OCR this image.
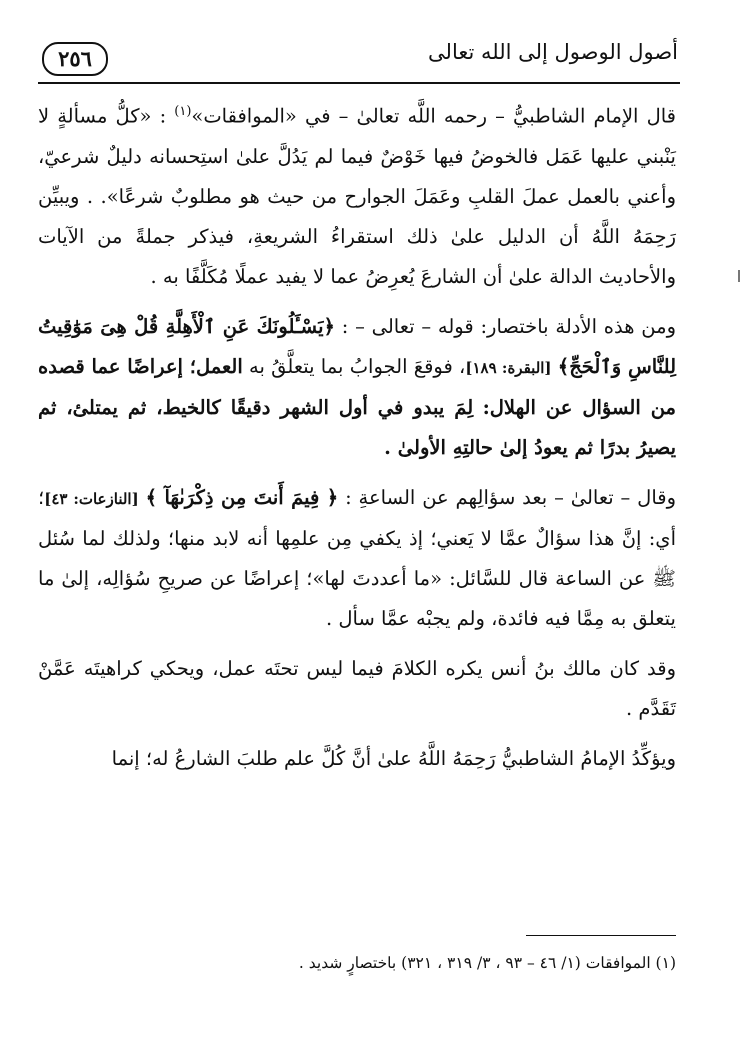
أصول الوصول إلى الله تعالى
٢٥٦

قال الإمام الشاطبيُّ – رحمه اللَّه تعالىٰ – في «الموافقات»$^{(١)}$ : «كلُّ مسألةٍ لا يَنْبني عليها عَمَل فالخوضُ فيها خَوْضٌ فيما لم يَدُلَّ علىٰ استِحسانه دليلٌ شرعيّ، وأعني بالعمل عملَ القلبِ وعَمَلَ الجوارح من حيث هو مطلوبٌ شرعًا». . ويبيِّن رَحِمَهُ اللَّهُ أن الدليل علىٰ ذلك استقراءُ الشريعةِ، فيذكر جملةً من الآيات والأحاديث الدالة علىٰ أن الشارعَ يُعرِضُ عما لا يفيد عملًا مُكَلَّفًا به .

ومن هذه الأدلة باختصار: قوله – تعالى – : ﴿يَسْـَٔلُونَكَ عَنِ ٱلْأَهِلَّةِ قُلْ هِىَ مَوَٰقِيتُ لِلنَّاسِ وَٱلْحَجِّ﴾ [البقرة: ١٨٩]، فوقعَ الجوابُ بما يتعلَّقُ به العمل؛ إعراضًا عما قصده من السؤال عن الهلال: لِمَ يبدو في أول الشهر دقيقًا كالخيط، ثم يمتلئ، ثم يصيرُ بدرًا ثم يعودُ إلىٰ حالتِهِ الأولىٰ .

وقال – تعالىٰ – بعد سؤالِهم عن الساعةِ : ﴿ فِيمَ أَنتَ مِن ذِكْرَىٰهَآ ﴾ [النازعات: ٤٣]؛ أي: إنَّ هذا سؤالٌ عمَّا لا يَعني؛ إذ يكفي مِن علمِها أنه لابد منها؛ ولذلك لما سُئل ﷺ عن الساعة قال للسَّائل: «ما أعددتَ لها»؛ إعراضًا عن صريحِ سُؤالِه، إلىٰ ما يتعلق به مِمَّا فيه فائدة، ولم يجبْه عمَّا سأل .

وقد كان مالك بنُ أنس يكره الكلامَ فيما ليس تحتَه عمل، ويحكي كراهيتَه عَمَّنْ تَقَدَّم .

ويؤكِّدُ الإمامُ الشاطبيُّ رَحِمَهُ اللَّهُ علىٰ أنَّ كُلَّ علم طلبَ الشارعُ له؛ إنما

(١) الموافقات (١/ ٤٦ – ٩٣ ، ٣/ ٣١٩ ، ٣٢١) باختصارٍ شديد .
